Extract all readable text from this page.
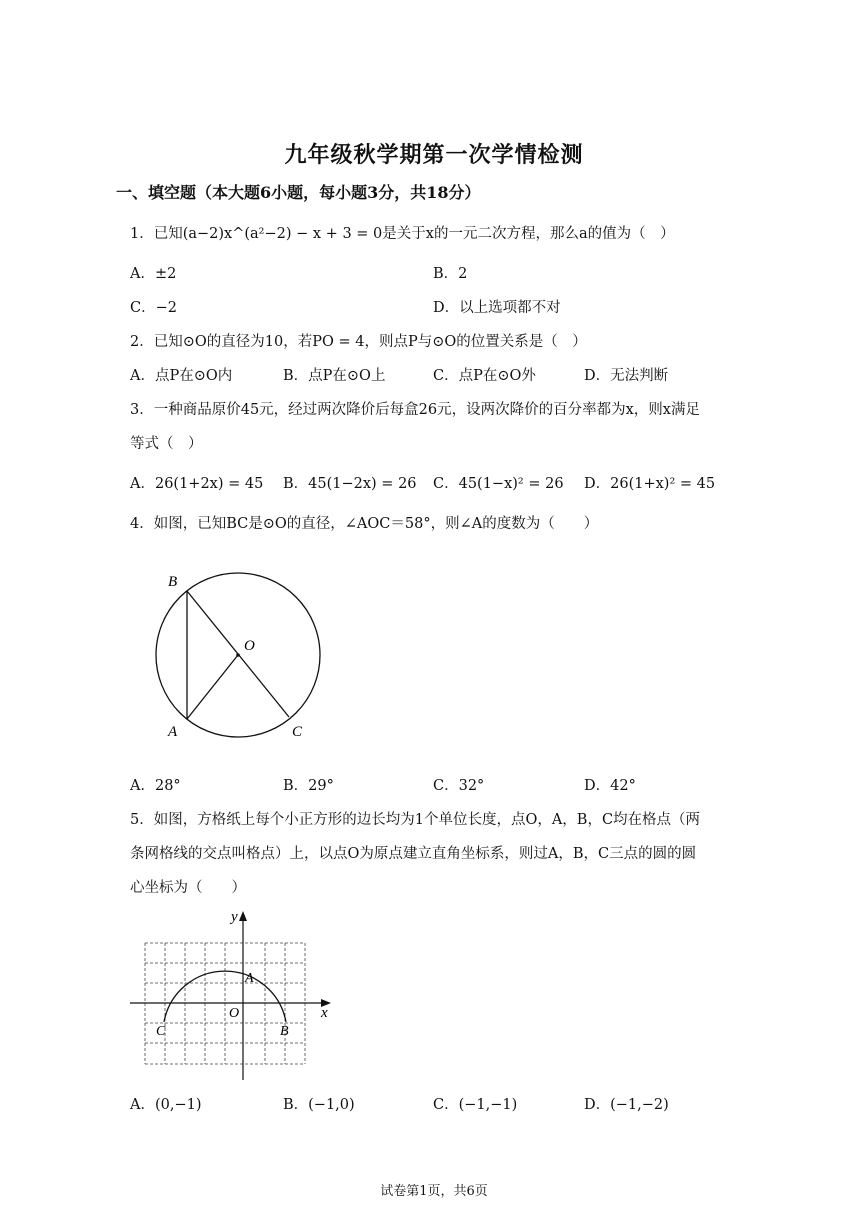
九年级秋学期第一次学情检测
一、填空题（本大题6小题，每小题3分，共18分）
1．已知(a−2)x^(a²−2) − x + 3 = 0是关于x的一元二次方程，那么a的值为（　）
A．±2	B．2
C．−2	D．以上选项都不对
2．已知⊙O的直径为10，若PO = 4，则点P与⊙O的位置关系是（　）
A．点P在⊙O内	B．点P在⊙O上	C．点P在⊙O外	D．无法判断
3．一种商品原价45元，经过两次降价后每盒26元，设两次降价的百分率都为x，则x满足
等式（　）
A．26(1+2x) = 45 B．45(1−2x) = 26 C．45(1−x)² = 26 D．26(1+x)² = 45
4．如图，已知BC是⊙O的直径，∠AOC＝58°，则∠A的度数为（　　）
B
O
A	C
A．28°	B．29°	C．32°	D．42°
5．如图，方格纸上每个小正方形的边长均为1个单位长度，点O，A，B，C均在格点（两
条网格线的交点叫格点）上，以点O为原点建立直角坐标系，则过A，B，C三点的圆的圆
心坐标为（　　）
y
x
A
O
B
C
A．(0,−1)	B．(−1,0)	C．(−1,−1)	D．(−1,−2)
试卷第1页，共6页
